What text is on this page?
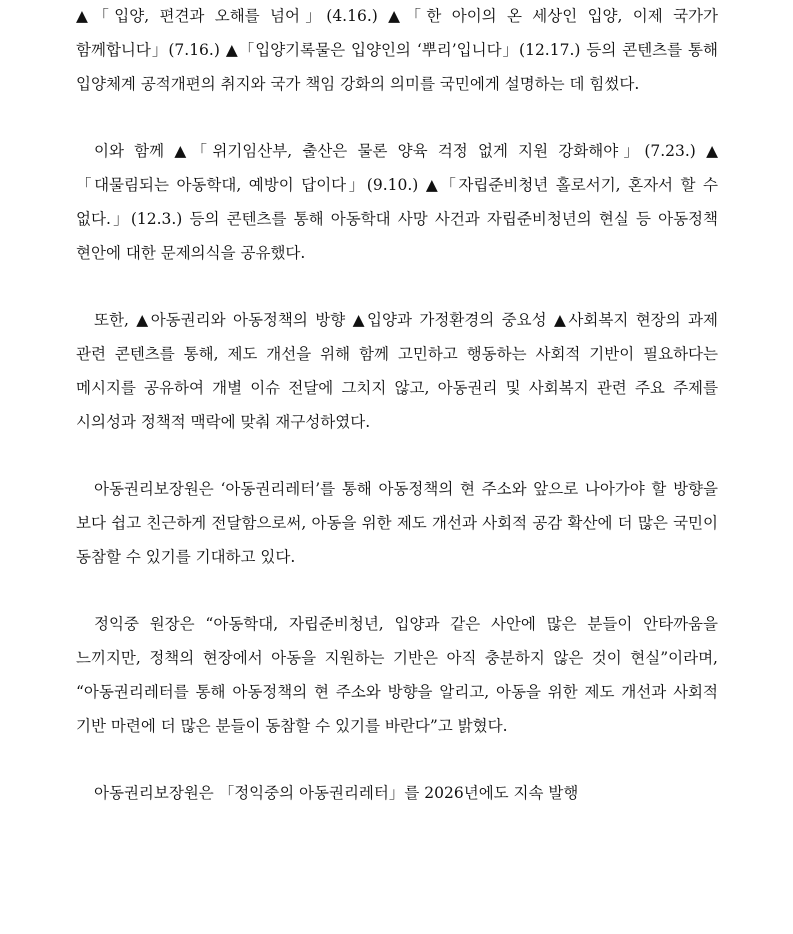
▲「입양, 편견과 오해를 넘어」(4.16.) ▲「한 아이의 온 세상인 입양, 이제 국가가 함께합니다」(7.16.) ▲「입양기록물은 입양인의 ‘뿌리’입니다」(12.17.) 등의 콘텐츠를 통해 입양체계 공적개편의 취지와 국가 책임 강화의 의미를 국민에게 설명하는 데 힘썼다.

이와 함께 ▲「위기임산부, 출산은 물론 양육 걱정 없게 지원 강화해야」(7.23.) ▲「대물림되는 아동학대, 예방이 답이다」(9.10.) ▲「자립준비청년 홀로서기, 혼자서 할 수 없다.」(12.3.) 등의 콘텐츠를 통해 아동학대 사망 사건과 자립준비청년의 현실 등 아동정책 현안에 대한 문제의식을 공유했다.

또한, ▲아동권리와 아동정책의 방향 ▲입양과 가정환경의 중요성 ▲사회복지 현장의 과제 관련 콘텐츠를 통해, 제도 개선을 위해 함께 고민하고 행동하는 사회적 기반이 필요하다는 메시지를 공유하여 개별 이슈 전달에 그치지 않고, 아동권리 및 사회복지 관련 주요 주제를 시의성과 정책적 맥락에 맞춰 재구성하였다.

아동권리보장원은 ‘아동권리레터’를 통해 아동정책의 현 주소와 앞으로 나아가야 할 방향을 보다 쉽고 친근하게 전달함으로써, 아동을 위한 제도 개선과 사회적 공감 확산에 더 많은 국민이 동참할 수 있기를 기대하고 있다.

정익중 원장은 “아동학대, 자립준비청년, 입양과 같은 사안에 많은 분들이 안타까움을 느끼지만, 정책의 현장에서 아동을 지원하는 기반은 아직 충분하지 않은 것이 현실”이라며, “아동권리레터를 통해 아동정책의 현 주소와 방향을 알리고, 아동을 위한 제도 개선과 사회적 기반 마련에 더 많은 분들이 동참할 수 있기를 바란다”고 밝혔다.

아동권리보장원은 「정익중의 아동권리레터」를 2026년에도 지속 발행
